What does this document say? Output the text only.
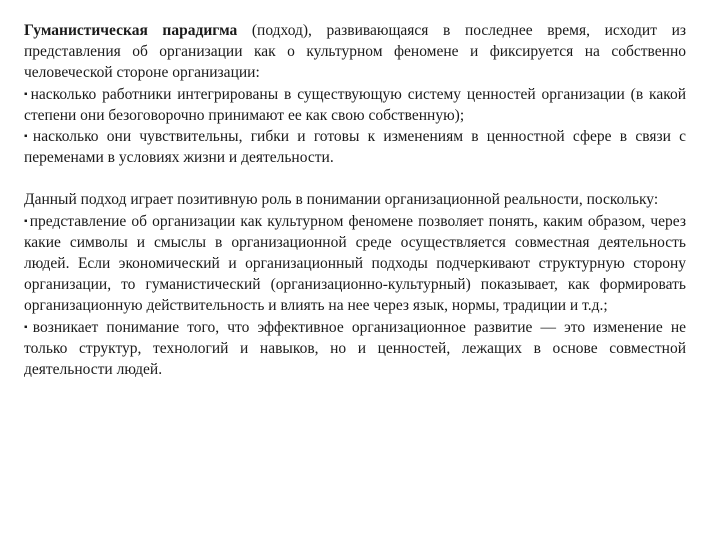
Гуманистическая парадигма (подход), развивающаяся в последнее время, исходит из представления об организации как о культурном феномене и фиксируется на собственно человеческой стороне организации:

▪насколько работники интегрированы в существующую систему ценностей организации (в какой степени они безоговорочно принимают ее как свою собственную);

▪насколько они чувствительны, гибки и готовы к изменениям в ценностной сфере в связи с переменами в условиях жизни и деятельности.

Данный подход играет позитивную роль в понимании организационной реальности, поскольку:

▪представление об организации как культурном феномене позволяет понять, каким образом, через какие символы и смыслы в организационной среде осуществляется совместная деятельность людей. Если экономический и организационный подходы подчеркивают структурную сторону организации, то гуманистический (организационно-культурный) показывает, как формировать организационную действительность и влиять на нее через язык, нормы, традиции и т.д.;

▪возникает понимание того, что эффективное организационное развитие — это изменение не только структур, технологий и навыков, но и ценностей, лежащих в основе совместной деятельности людей.
